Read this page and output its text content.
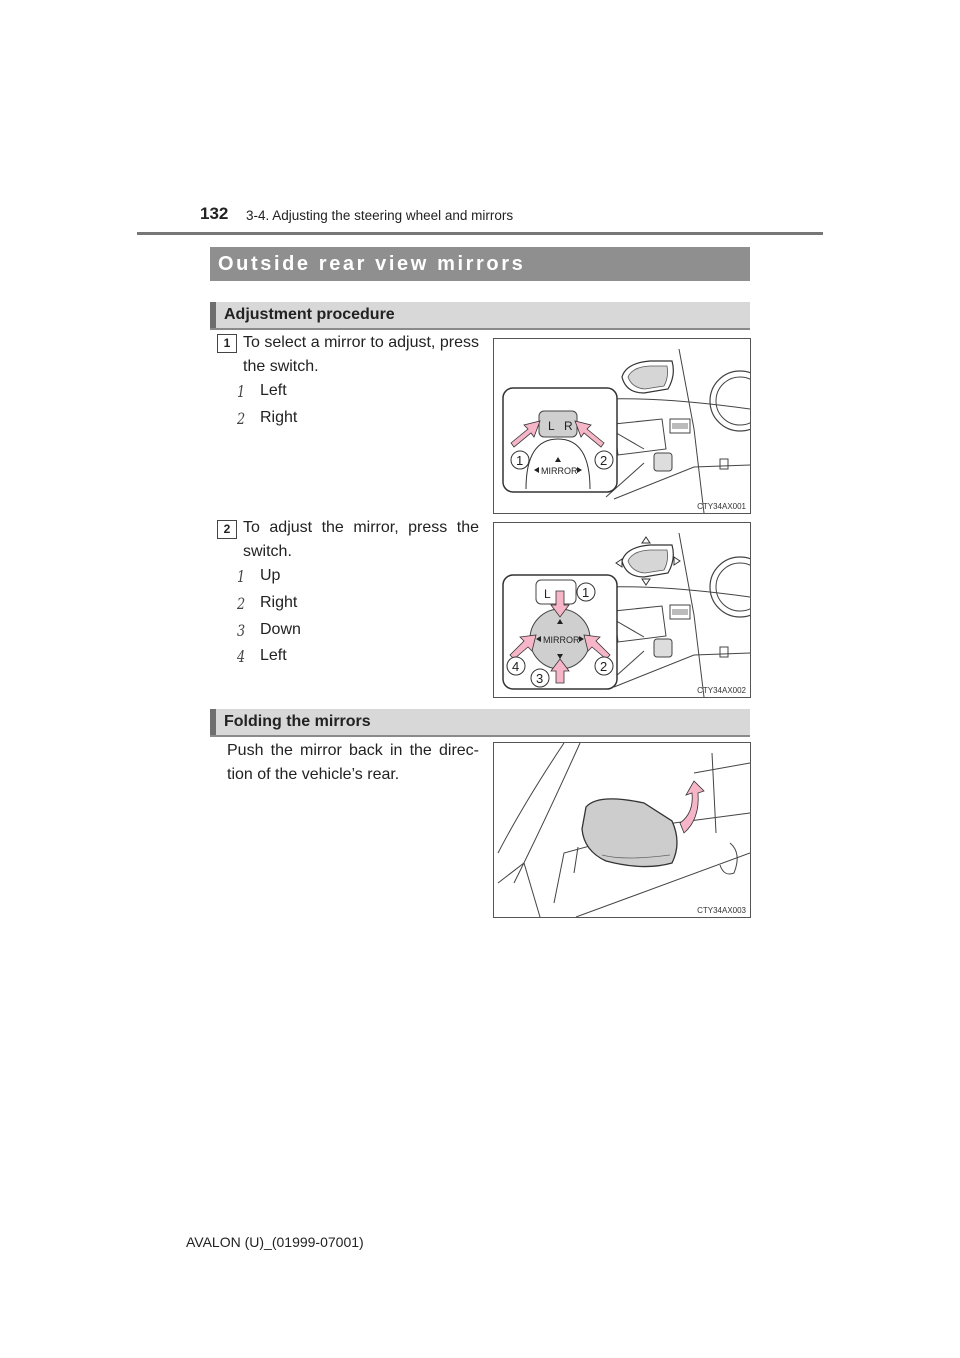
132 3-4. Adjusting the steering wheel and mirrors
Outside rear view mirrors
Adjustment procedure
1 To select a mirror to adjust, press the switch.
1 Left
2 Right	L R
MIRROR
1	2
CTY34AX001
2 To adjust the mirror, press the switch.
1 Up
2 Right
3 Down
4 Left
L
MIRROR
1
2
3
4
CTY34AX002
Folding the mirrors
Push the mirror back in the direc-tion of the vehicle’s rear.
CTY34AX003
AVALON (U)_(01999-07001)
